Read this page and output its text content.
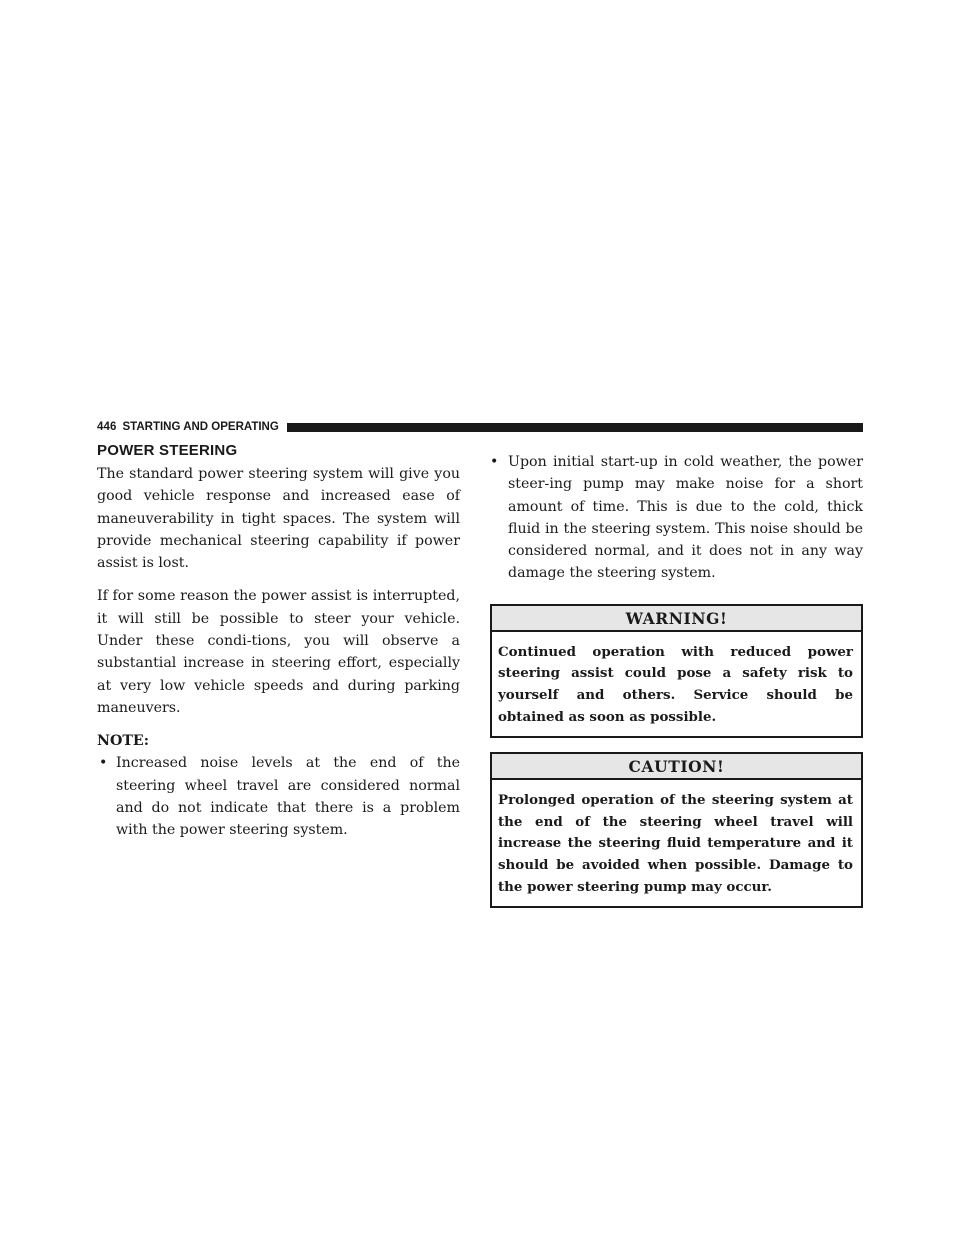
446 STARTING AND OPERATING
POWER STEERING

The standard power steering system will give you good vehicle response and increased ease of maneuverability in tight spaces. The system will provide mechanical steering capability if power assist is lost.

If for some reason the power assist is interrupted, it will still be possible to steer your vehicle. Under these condi-tions, you will observe a substantial increase in steering effort, especially at very low vehicle speeds and during parking maneuvers.

NOTE:
• Increased noise levels at the end of the steering wheel travel are considered normal and do not indicate that there is a problem with the power steering system.
• Upon initial start-up in cold weather, the power steer-ing pump may make noise for a short amount of time. This is due to the cold, thick fluid in the steering system. This noise should be considered normal, and it does not in any way damage the steering system.
WARNING!
Continued operation with reduced power steering assist could pose a safety risk to yourself and others. Service should be obtained as soon as possible.
CAUTION!
Prolonged operation of the steering system at the end of the steering wheel travel will increase the steering fluid temperature and it should be avoided when possible. Damage to the power steering pump may occur.
